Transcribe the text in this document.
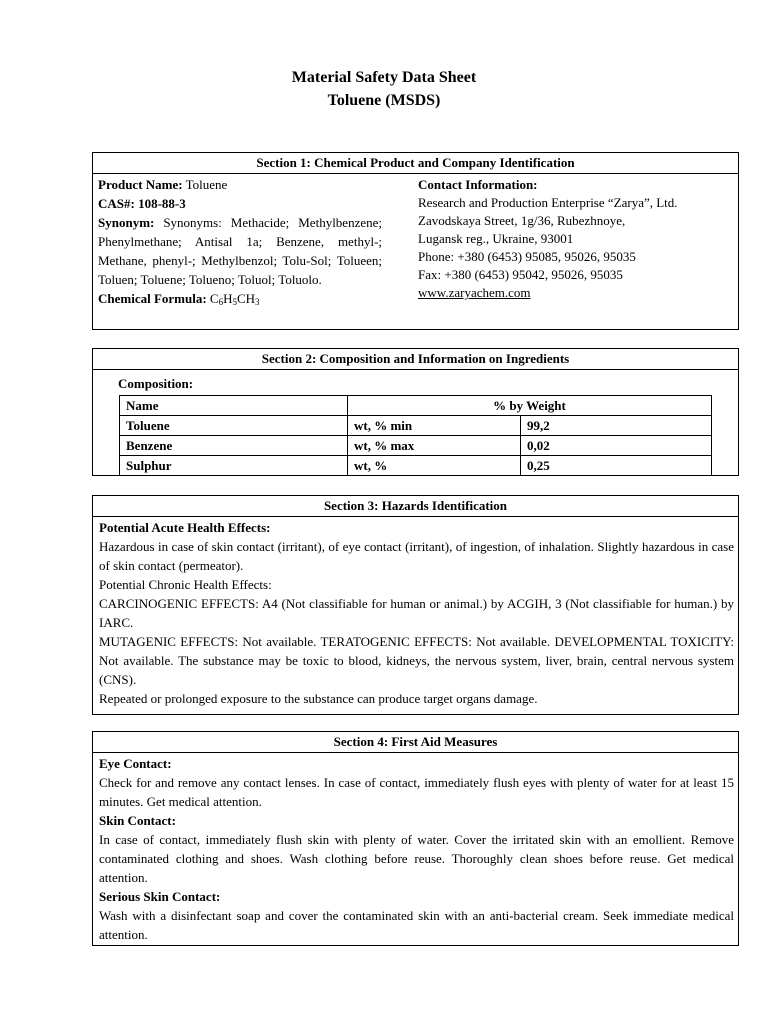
Material Safety Data Sheet
Toluene (MSDS)
Section 1: Chemical Product and Company Identification
Product Name: Toluene
CAS#: 108-88-3
Synonym: Synonyms: Methacide; Methylbenzene; Phenylmethane; Antisal 1a; Benzene, methyl-; Methane, phenyl-; Methylbenzol; Tolu-Sol; Tolueen; Toluen; Toluene; Tolueno; Toluol; Toluolo.
Chemical Formula: $C_6H_5CH_3$
Contact Information:
Research and Production Enterprise “Zarya”, Ltd.
Zavodskaya Street, 1g/36, Rubezhnoye,
Lugansk reg., Ukraine, 93001
Phone: +380 (6453) 95085, 95026, 95035
Fax: +380 (6453) 95042, 95026, 95035
www.zaryachem.com
Section 2: Composition and Information on Ingredients
Composition:
Name	% by Weight	
Toluene	wt, % min	99,2
Benzene	wt, % max	0,02
Sulphur	wt, %	0,25
Section 3: Hazards Identification

Potential Acute Health Effects:

Hazardous in case of skin contact (irritant), of eye contact (irritant), of ingestion, of inhalation. Slightly hazardous in case of skin contact (permeator).

Potential Chronic Health Effects:

CARCINOGENIC EFFECTS: A4 (Not classifiable for human or animal.) by ACGIH, 3 (Not classifiable for human.) by IARC.

MUTAGENIC EFFECTS: Not available. TERATOGENIC EFFECTS: Not available. DEVELOPMENTAL TOXICITY: Not available. The substance may be toxic to blood, kidneys, the nervous system, liver, brain, central nervous system (CNS).

Repeated or prolonged exposure to the substance can produce target organs damage.

Section 4: First Aid Measures

Eye Contact:

Check for and remove any contact lenses. In case of contact, immediately flush eyes with plenty of water for at least 15 minutes. Get medical attention.

Skin Contact:

In case of contact, immediately flush skin with plenty of water. Cover the irritated skin with an emollient. Remove contaminated clothing and shoes. Wash clothing before reuse. Thoroughly clean shoes before reuse. Get medical attention.

Serious Skin Contact:

Wash with a disinfectant soap and cover the contaminated skin with an anti-bacterial cream. Seek immediate medical attention.
